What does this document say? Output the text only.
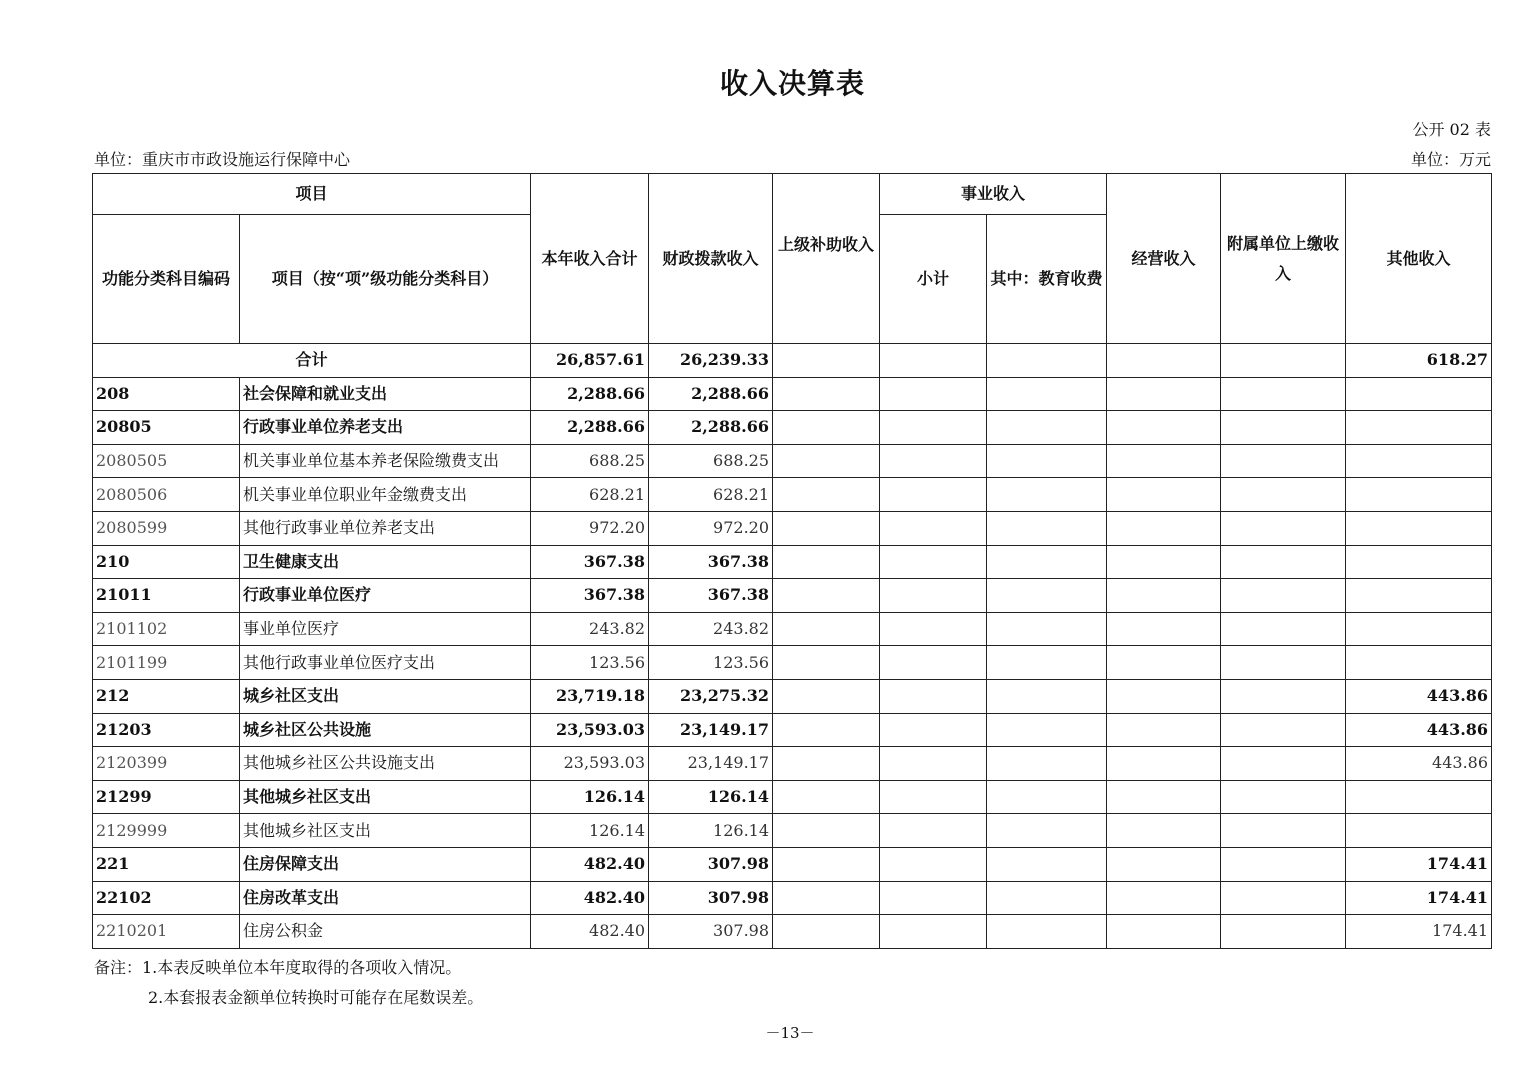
收入决算表
公开 02 表
单位：重庆市市政设施运行保障中心	单位：万元
项目		本年收入合计	财政拨款收入	上级补助收入	事业收入		经营收入	附属单位上缴收入	其他收入
功能分类科目编码	项目（按“项”级功能分类科目）				小计	其中：教育收费			
合计		26,857.61	26,239.33						618.27
208	社会保障和就业支出	2,288.66	2,288.66						
20805	行政事业单位养老支出	2,288.66	2,288.66						
2080505	机关事业单位基本养老保险缴费支出	688.25	688.25						
2080506	机关事业单位职业年金缴费支出	628.21	628.21						
2080599	其他行政事业单位养老支出	972.20	972.20						
210	卫生健康支出	367.38	367.38						
21011	行政事业单位医疗	367.38	367.38						
2101102	事业单位医疗	243.82	243.82						
2101199	其他行政事业单位医疗支出	123.56	123.56						
212	城乡社区支出	23,719.18	23,275.32						443.86
21203	城乡社区公共设施	23,593.03	23,149.17						443.86
2120399	其他城乡社区公共设施支出	23,593.03	23,149.17						443.86
21299	其他城乡社区支出	126.14	126.14						
2129999	其他城乡社区支出	126.14	126.14						
221	住房保障支出	482.40	307.98						174.41
22102	住房改革支出	482.40	307.98						174.41
2210201	住房公积金	482.40	307.98						174.41
备注：1.本表反映单位本年度取得的各项收入情况。
2.本套报表金额单位转换时可能存在尾数误差。
－13－
